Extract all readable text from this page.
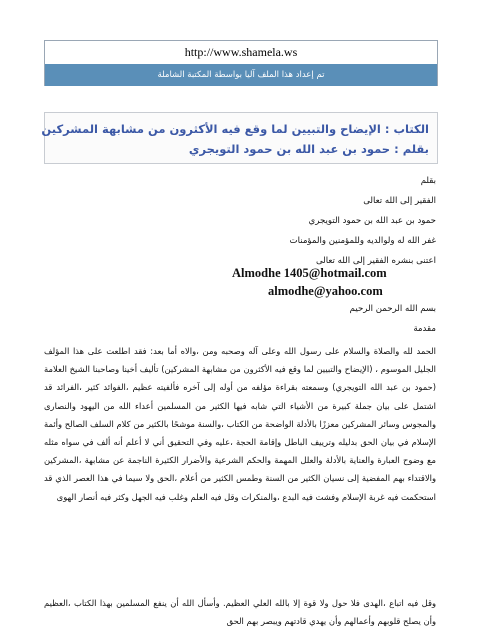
http://www.shamela.ws
تم إعداد هذا الملف آليا بواسطة المكتبة الشاملة
الكتاب : الإيضاح والتبيين لما وقع فيه الأكثرون من مشابهة المشركين
بقلم : حمود بن عبد الله بن حمود التويجري
بقلم
الفقير إلى الله تعالى
حمود بن عبد الله بن حمود التويجري
غفر الله له ولوالديه وللمؤمنين والمؤمنات
اعتنى بنشره الفقير إلى الله تعالى
Almodhe 1405@hotmail.com
almodhe@yahoo.com
بسم الله الرحمن الرحيم
مقدمة
الحمد لله والصلاة والسلام على رسول الله وعلى آله وصحبه ومن ،والاه أما بعد: فقد اطلعت على هذا المؤلف الجليل الموسوم ، (الإيضاح والتبيين لما وقع فيه الأكثرون من مشابهة المشركين) تأليف أخينا وصاحبنا الشيخ العلامة (حمود بن عبد الله التويجري) وسمعته بقراءة مؤلفه من أوله إلى آخره فألفيته عظيم ،الفوائد كثير ،الفرائد قد اشتمل على بيان جملة كبيرة من الأشياء التي شابه فيها الكثير من المسلمين أعداء الله من اليهود والنصارى والمجوس وسائر المشركين معززًا بالأدلة الواضحة من الكتاب ،والسنة موشحًا بالكثير من كلام السلف الصالح وأئمة الإسلام في بيان الحق بدليله وترييف الباطل وإقامة الحجة ،عليه وفي التحقيق أني لا أعلم أنه ألف في سواه مثله مع وضوح العبارة والعناية بالأدلة والعلل المهمة والحكم الشرعية والأضرار الكثيرة الناجمة عن مشابهة ،المشركين والاقتداء بهم المفضية إلى نسيان الكثير من السنة وطمس الكثير من أعلام ،الحق ولا سيما في هذا العصر الذي قد استحكمت فيه غربة الإسلام وفشت فيه البدع ،والمنكرات وقل فيه العلم وغلب فيه الجهل وكثر فيه أنصار الهوى
وقل فيه اتباع ،الهدى فلا حول ولا قوة إلا بالله العلي العظيم. وأسأل الله أن ينفع المسلمين بهذا الكتاب ،العظيم وأن يصلح قلوبهم وأعمالهم وأن يهدي قادتهم ويبصر بهم الحق
